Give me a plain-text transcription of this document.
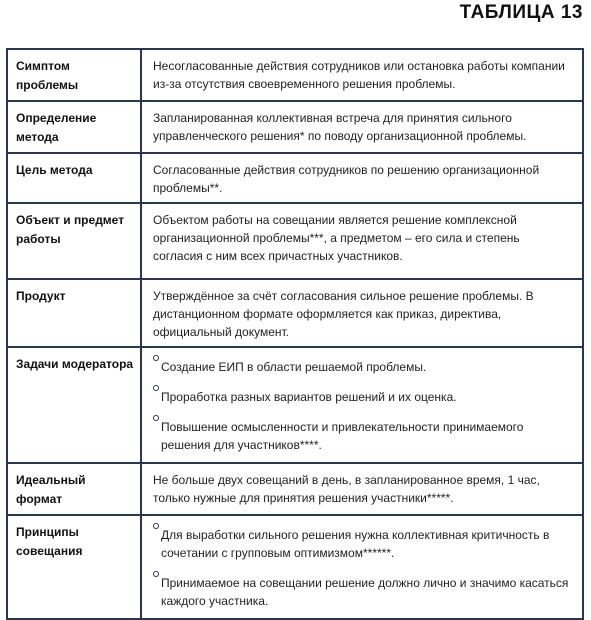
ТАБЛИЦА 13
Симптом проблемы	Несогласованные действия сотрудников или остановка работы компании из-за отсутствия своевременного решения проблемы.
Определение метода	Запланированная коллективная встреча для принятия сильного управленческого решения* по поводу организационной проблемы.
Цель метода	Согласованные действия сотрудников по решению организационной проблемы**.
Объект и предмет работы	Объектом работы на совещании является решение комплексной организационной проблемы***, а предметом – его сила и степень согласия с ним всех причастных участников.
Продукт	Утверждённое за счёт согласования сильное решение проблемы. В дистанционном формате оформляется как приказ, директива, официальный документ.
Задачи модератора	Создание ЕИП в области решаемой проблемы.
Проработка разных вариантов решений и их оценка.
Повышение осмысленности и привлекательности принимаемого решения для участников****.

Идеальный формат	Не больше двух совещаний в день, в запланированное время, 1 час, только нужные для принятия решения участники*****.
Принципы совещания	Для выработки сильного решения нужна коллективная критичность в сочетании с групповым оптимизмом******.
Принимаемое на совещании решение должно лично и значимо касаться каждого участника.
